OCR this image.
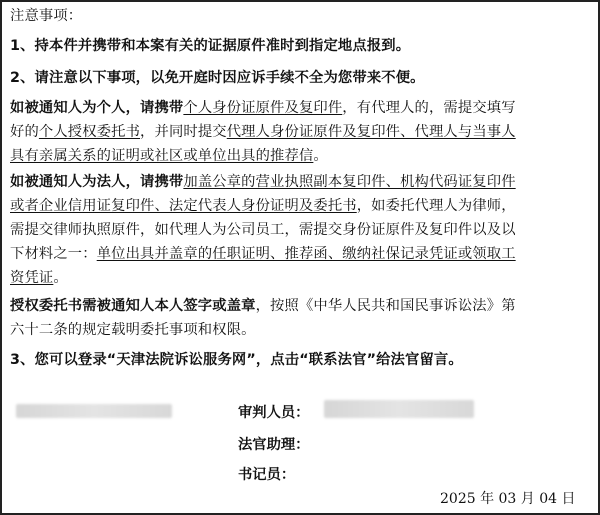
注意事项：
1、持本件并携带和本案有关的证据原件准时到指定地点报到。
2、请注意以下事项，以免开庭时因应诉手续不全为您带来不便。
如被通知人为个人，请携带个人身份证原件及复印件，有代理人的，需提交填写
好的个人授权委托书，并同时提交代理人身份证原件及复印件、代理人与当事人
具有亲属关系的证明或社区或单位出具的推荐信。
如被通知人为法人，请携带加盖公章的营业执照副本复印件、机构代码证复印件
或者企业信用证复印件、法定代表人身份证明及委托书，如委托代理人为律师，
需提交律师执照原件，如代理人为公司员工，需提交身份证原件及复印件以及以
下材料之一：单位出具并盖章的任职证明、推荐函、缴纳社保记录凭证或领取工
资凭证。
授权委托书需被通知人本人签字或盖章，按照《中华人民共和国民事诉讼法》第
六十二条的规定载明委托事项和权限。
3、您可以登录“天津法院诉讼服务网”，点击“联系法官”给法官留言。
审判人员：
法官助理：
书记员：
2025 年 03 月 04 日
